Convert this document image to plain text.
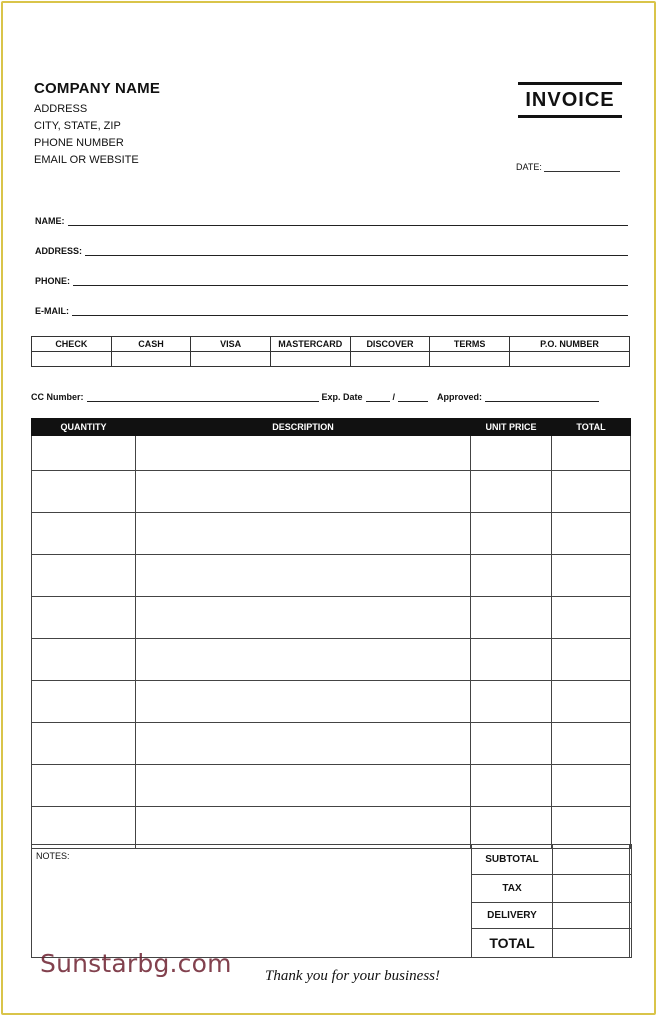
COMPANY NAME
ADDRESS
CITY, STATE, ZIP
PHONE NUMBER
EMAIL OR WEBSITE
INVOICE
DATE:
NAME:
ADDRESS:
PHONE:
E-MAIL:
CHECK	CASH	VISA	MASTERCARD	DISCOVER	TERMS	P.O. NUMBER

CC Number:	Exp. Date	/	Approved:
QUANTITY	DESCRIPTION	UNIT PRICE	TOTAL

NOTES:	SUBTOTAL	
TAX	
DELIVERY	
TOTAL	
Sunstarbg.com Thank you for your business!
